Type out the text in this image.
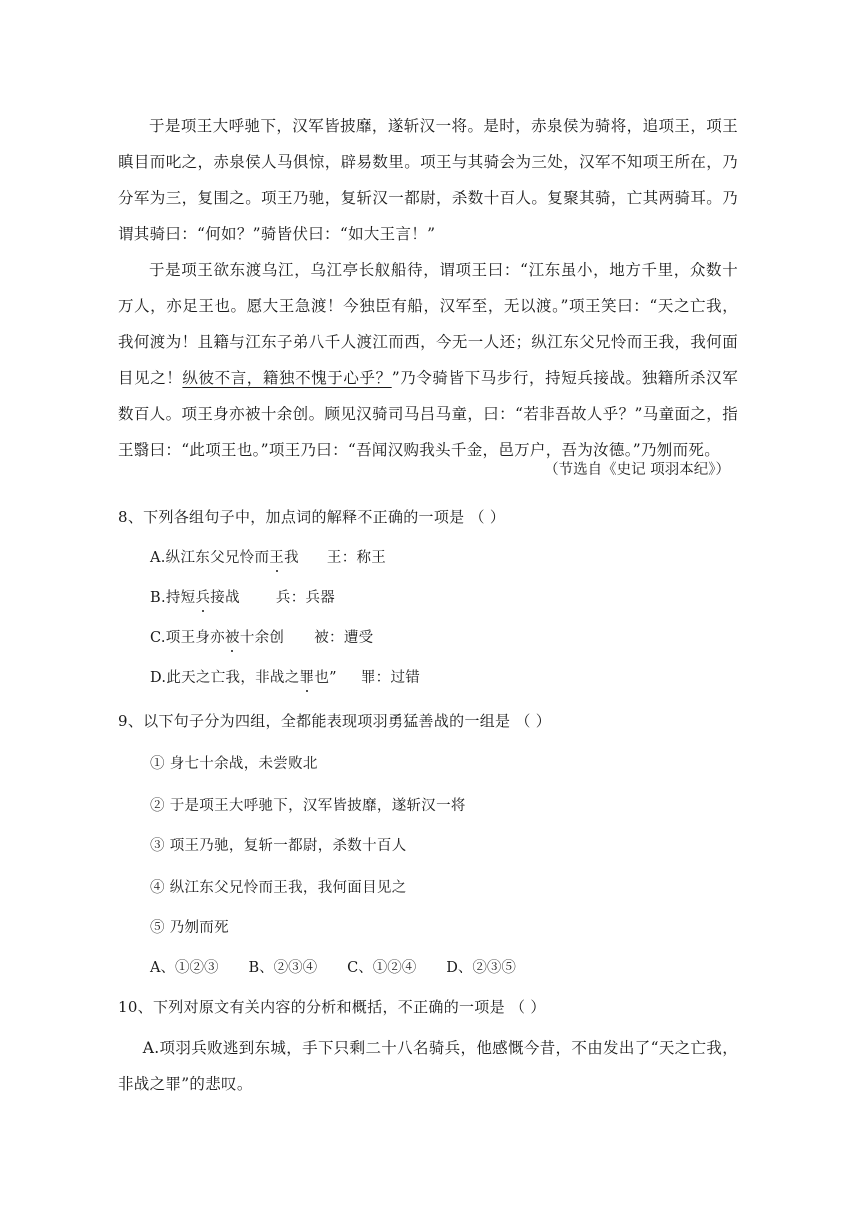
于是项王大呼驰下，汉军皆披靡，遂斩汉一将。是时，赤泉侯为骑将，追项王，项王瞋目而叱之，赤泉侯人马俱惊，辟易数里。项王与其骑会为三处，汉军不知项王所在，乃分军为三，复围之。项王乃驰，复斩汉一都尉，杀数十百人。复聚其骑，亡其两骑耳。乃谓其骑曰：“何如？”骑皆伏曰：“如大王言！”

于是项王欲东渡乌江，乌江亭长舣船待，谓项王曰：“江东虽小，地方千里，众数十万人，亦足王也。愿大王急渡！今独臣有船，汉军至，无以渡。”项王笑曰：“天之亡我，我何渡为！且籍与江东子弟八千人渡江而西，今无一人还；纵江东父兄怜而王我，我何面目见之！纵彼不言，籍独不愧于心乎？”乃令骑皆下马步行，持短兵接战。独籍所杀汉军数百人。项王身亦被十余创。顾见汉骑司马吕马童，曰：“若非吾故人乎？”马童面之，指王翳曰：“此项王也。”项王乃曰：“吾闻汉购我头千金，邑万户，吾为汝德。”乃刎而死。

（节选自《史记 项羽本纪》）

8、下列各组句子中，加点词的解释不正确的一项是 （ ）

A.纵江东父兄怜而王我 王：称王

B.持短兵接战 兵：兵器

C.项王身亦被十余创 被：遭受

D.此天之亡我，非战之罪也” 罪：过错

9、以下句子分为四组，全都能表现项羽勇猛善战的一组是 （ ）

① 身七十余战，未尝败北

② 于是项王大呼驰下，汉军皆披靡，遂斩汉一将

③ 项王乃驰，复斩一都尉，杀数十百人

④ 纵江东父兄怜而王我，我何面目见之

⑤ 乃刎而死

A、①②③ B、②③④ C、①②④ D、②③⑤

10、下列对原文有关内容的分析和概括，不正确的一项是 （ ）

A.项羽兵败逃到东城，手下只剩二十八名骑兵，他感慨今昔，不由发出了“天之亡我，非战之罪”的悲叹。
